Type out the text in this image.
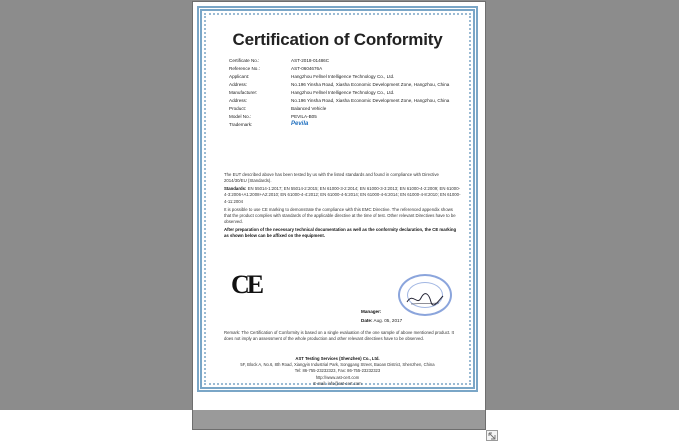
Certification of Conformity
Certificate No.:	AST-2018-01486C
Reference No.:	AST-0604676A
Applicant:	Hangzhou Fellnel Intelligence Technology Co., Ltd.
Address:	No.196 Yinsha Road, Xiasha Economic Development Zone, Hangzhou, China
Manufacturer:	Hangzhou Fellnel Intelligence Technology Co., Ltd.
Address:	No.196 Yinsha Road, Xiasha Economic Development Zone, Hangzhou, China
Product:	Balanced Vehicle
Model No.:	PEVILA-B05
Trademark:	Pevila

The EUT described above has been tested by us with the listed standards and found in compliance with Directive 2014/30/EU (Standards).

Standards: EN 55014-1:2017; EN 55014-2:2015; EN 61000-3-2:2014; EN 61000-3-3:2013; EN 61000-4-2:2009; EN 61000-4-3:2006+A1:2008+A2:2010; EN 61000-4-4:2012; EN 61000-4-5:2014; EN 61000-4-6:2014; EN 61000-4-8:2010; EN 61000-4-11:2004

It is possible to use CE marking to demonstrate the compliance with this EMC Directive. The referenced appendix shows that the product complies with standards of the applicable directive at the time of test. Other relevant Directives have to be observed.

After preparation of the necessary technical documentation as well as the conformity declaration, the CE marking as shown below can be affixed on the equipment.

CE
Manager:
Date: Aug. 05, 2017
Remark: The Certification of Conformity is based on a single evaluation of the one sample of above mentioned product. It does not imply an assessment of the whole production and other relevant directives have to be observed.
AST Testing Services (Shenzhen) Co., Ltd.
5F, Block A, No.6, 8th Road, Xiangyin Industrial Park, Songgang Street, Baoan District, Shenzhen, China
Tel: 86-755-23232323, Fax: 86-755-23232323
http://www.ast-cert.com
E-mail: info@ast-cert.com
